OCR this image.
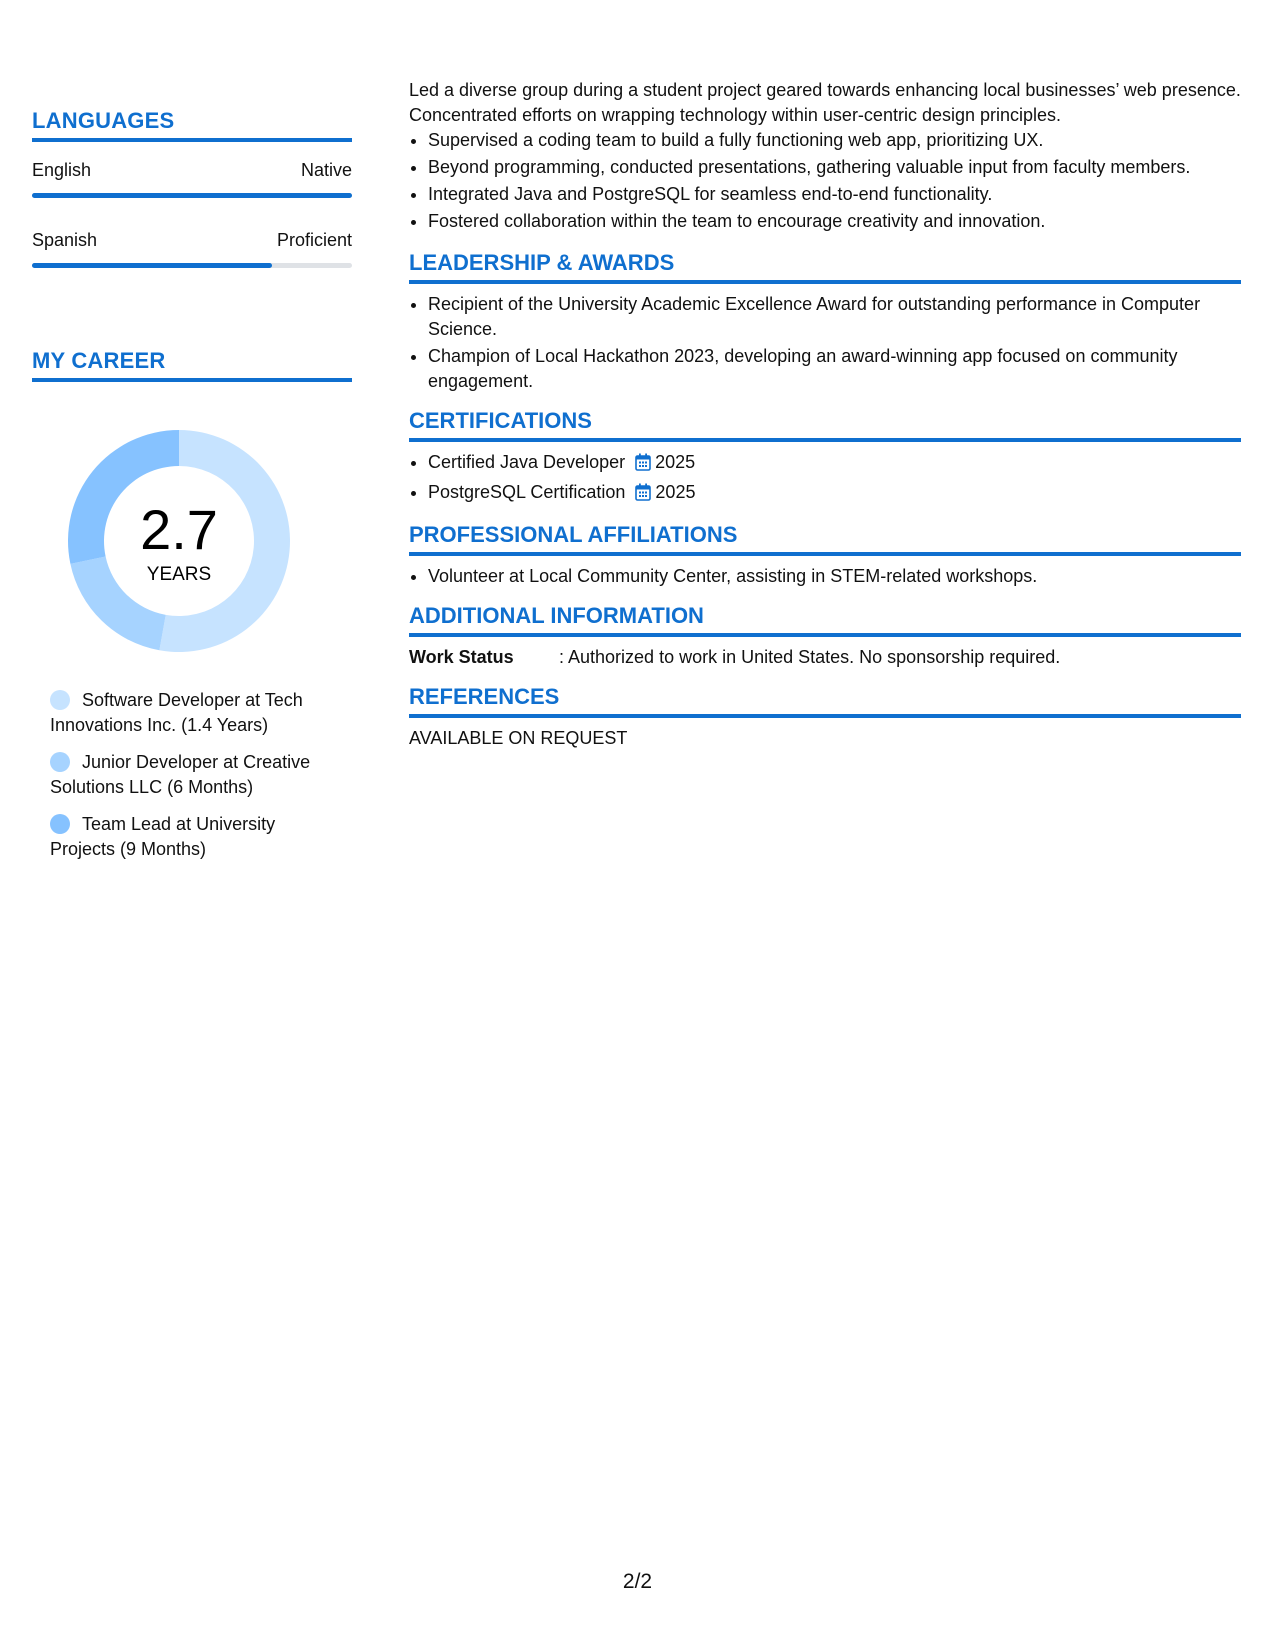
LANGUAGES
English	Native
Spanish	Proficient
MY CAREER
2.7
YEARS
Software Developer at Tech Innovations Inc. (1.4 Years)
Junior Developer at Creative Solutions LLC (6 Months)
Team Lead at University Projects (9 Months)

Led a diverse group during a student project geared towards enhancing local businesses’ web presence. Concentrated efforts on wrapping technology within user-centric design principles.

• Supervised a coding team to build a fully functioning web app, prioritizing UX.
• Beyond programming, conducted presentations, gathering valuable input from faculty members.
• Integrated Java and PostgreSQL for seamless end-to-end functionality.
• Fostered collaboration within the team to encourage creativity and innovation.
LEADERSHIP & AWARDS
• Recipient of the University Academic Excellence Award for outstanding performance in Computer Science.
• Champion of Local Hackathon 2023, developing an award-winning app focused on community engagement.
CERTIFICATIONS
• Certified Java Developer 2025
• PostgreSQL Certification 2025
PROFESSIONAL AFFILIATIONS
• Volunteer at Local Community Center, assisting in STEM-related workshops.
ADDITIONAL INFORMATION
Work Status	: Authorized to work in United States. No sponsorship required.
REFERENCES

AVAILABLE ON REQUEST

2/2
